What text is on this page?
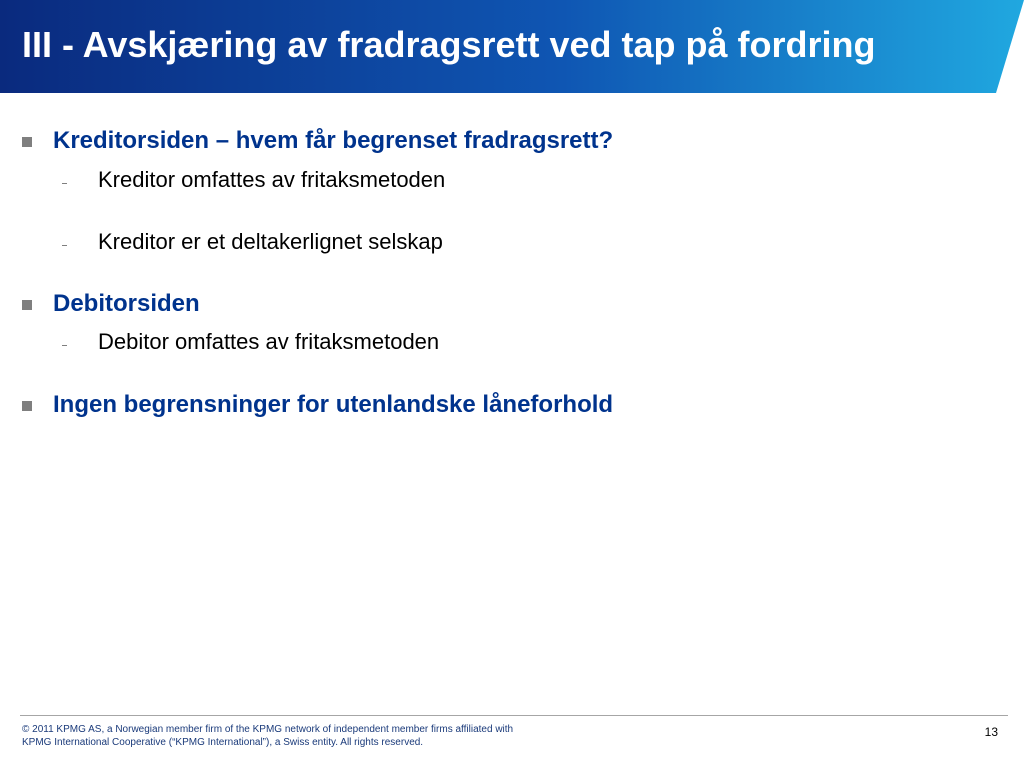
III - Avskjæring av fradragsrett ved tap på fordring
Kreditorsiden – hvem får begrenset fradragsrett?
Kreditor omfattes av fritaksmetoden
Kreditor er et deltakerlignet selskap
Debitorsiden
Debitor omfattes av fritaksmetoden
Ingen begrensninger for utenlandske låneforhold
© 2011 KPMG AS, a Norwegian member firm of the KPMG network of independent member firms affiliated with
KPMG International Cooperative (“KPMG International”), a Swiss entity. All rights reserved.
13
